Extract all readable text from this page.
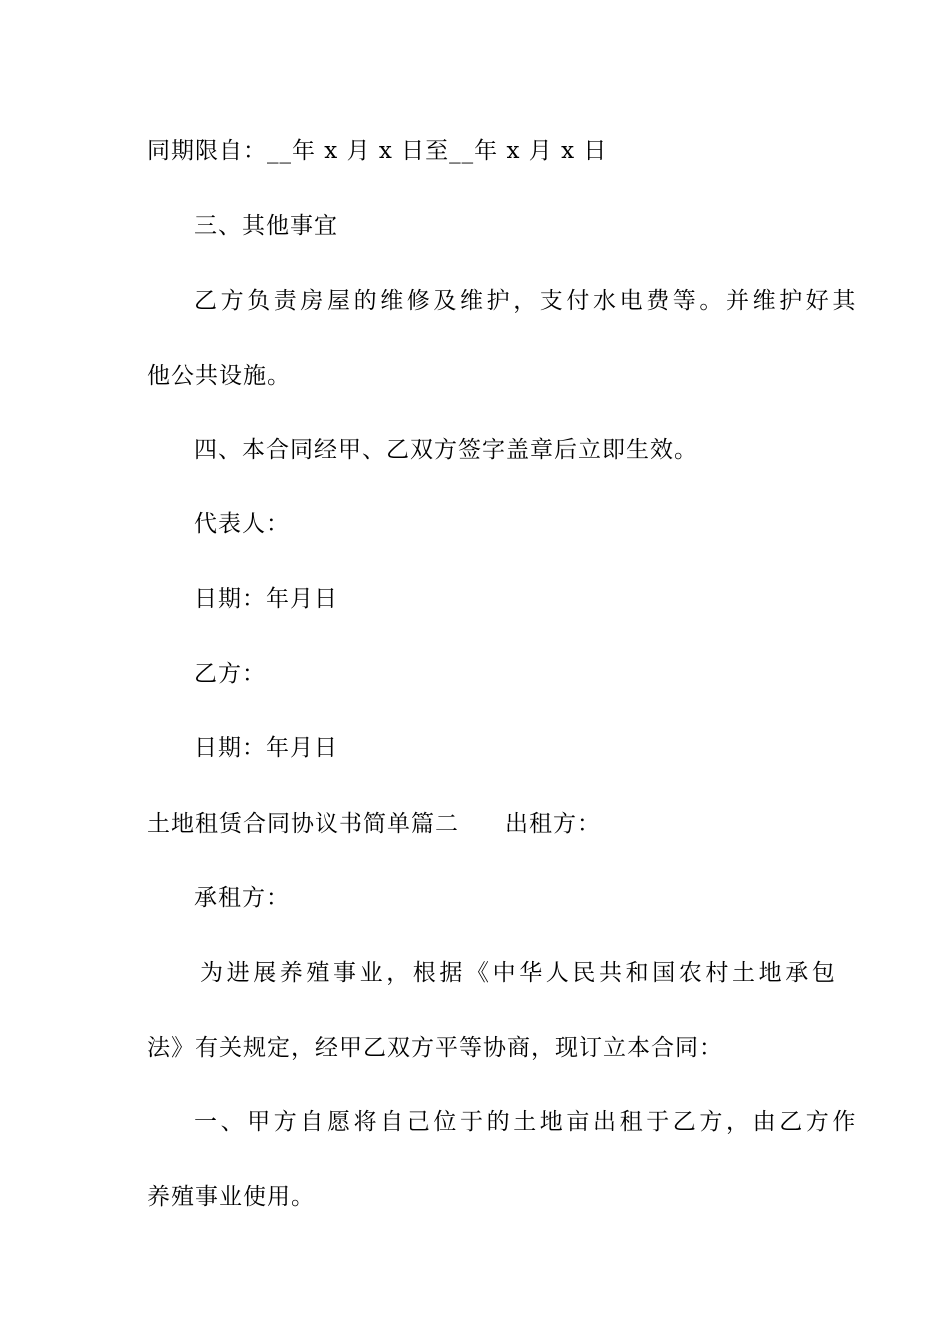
同期限自：__年 x 月 x 日至__年 x 月 x 日
三、其他事宜
乙方负责房屋的维修及维护，支付水电费等。并维护好其
他公共设施。
四、本合同经甲、乙双方签字盖章后立即生效。
代表人：
日期：年月日
乙方：
日期：年月日
土地租赁合同协议书简单篇二 出租方：
承租方：
为进展养殖事业，根据《中华人民共和国农村土地承包
法》有关规定，经甲乙双方平等协商，现订立本合同：
一、甲方自愿将自己位于的土地亩出租于乙方，由乙方作
养殖事业使用。
